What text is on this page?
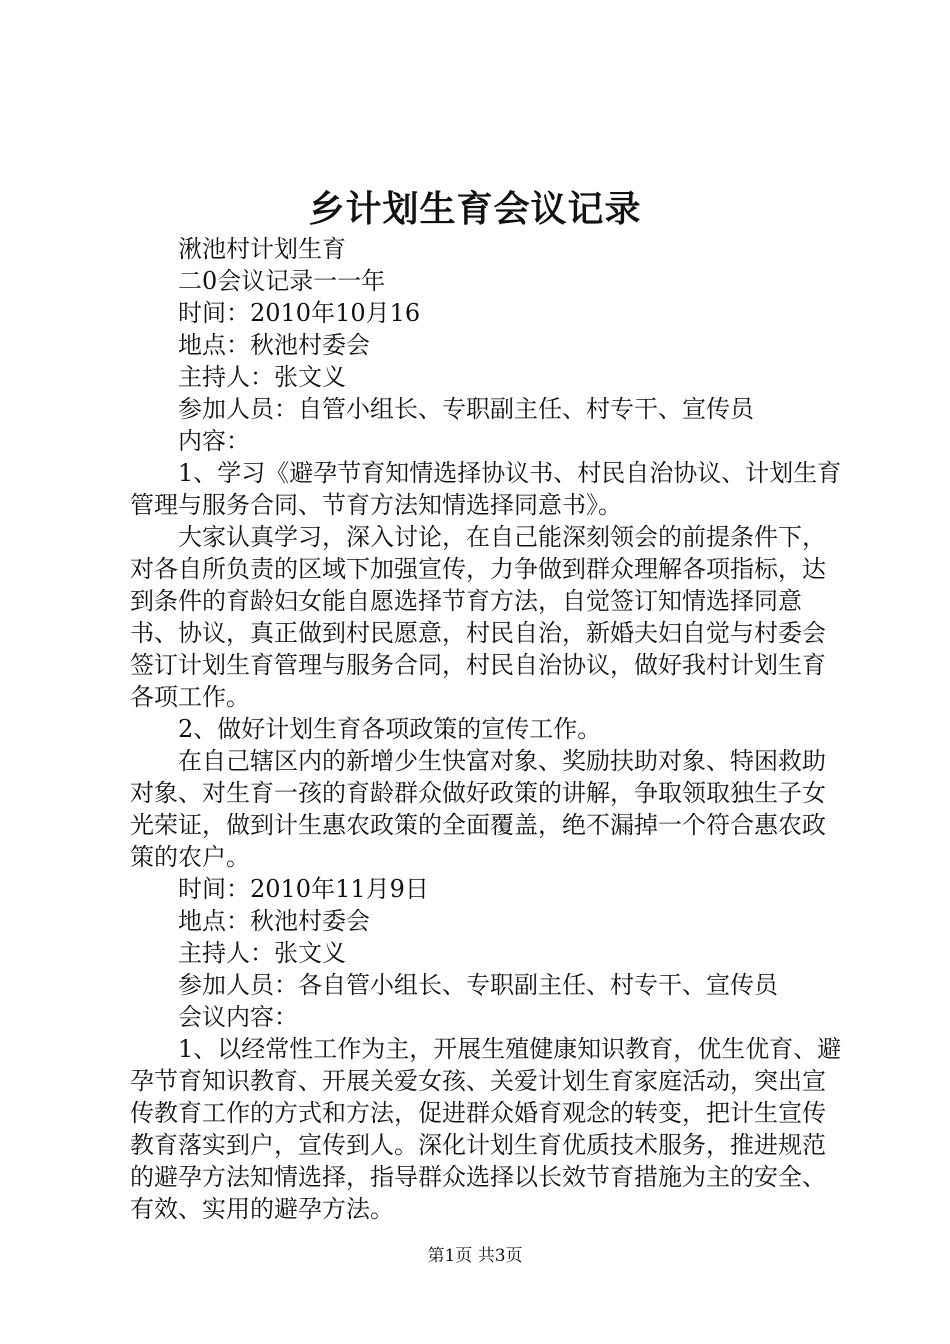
乡计划生育会议记录

湫池村计划生育

二0会议记录一一年

时间：2010年10月16

地点：秋池村委会

主持人：张文义

参加人员：自管小组长、专职副主任、村专干、宣传员

内容：

1、学习《避孕节育知情选择协议书、村民自治协议、计划生育管理与服务合同、节育方法知情选择同意书》。

大家认真学习，深入讨论，在自己能深刻领会的前提条件下，对各自所负责的区域下加强宣传，力争做到群众理解各项指标，达到条件的育龄妇女能自愿选择节育方法，自觉签订知情选择同意书、协议，真正做到村民愿意，村民自治，新婚夫妇自觉与村委会签订计划生育管理与服务合同，村民自治协议，做好我村计划生育各项工作。

2、做好计划生育各项政策的宣传工作。

在自己辖区内的新增少生快富对象、奖励扶助对象、特困救助对象、对生育一孩的育龄群众做好政策的讲解，争取领取独生子女光荣证，做到计生惠农政策的全面覆盖，绝不漏掉一个符合惠农政策的农户。

时间：2010年11月9日

地点：秋池村委会

主持人：张文义

参加人员：各自管小组长、专职副主任、村专干、宣传员

会议内容：

1、以经常性工作为主，开展生殖健康知识教育，优生优育、避孕节育知识教育、开展关爱女孩、关爱计划生育家庭活动，突出宣传教育工作的方式和方法，促进群众婚育观念的转变，把计生宣传教育落实到户，宣传到人。深化计划生育优质技术服务，推进规范的避孕方法知情选择，指导群众选择以长效节育措施为主的安全、有效、实用的避孕方法。

第1页 共3页
